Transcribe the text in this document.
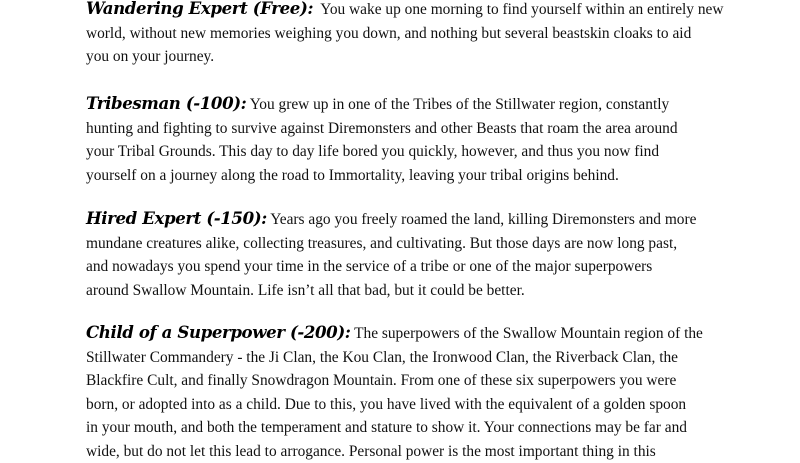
Wandering Expert (Free): You wake up one morning to find yourself within an entirely new
world, without new memories weighing you down, and nothing but several beastskin cloaks to aid
you on your journey.
Tribesman (-100): You grew up in one of the Tribes of the Stillwater region, constantly
hunting and fighting to survive against Diremonsters and other Beasts that roam the area around
your Tribal Grounds. This day to day life bored you quickly, however, and thus you now find
yourself on a journey along the road to Immortality, leaving your tribal origins behind.
Hired Expert (-150): Years ago you freely roamed the land, killing Diremonsters and more
mundane creatures alike, collecting treasures, and cultivating. But those days are now long past,
and nowadays you spend your time in the service of a tribe or one of the major superpowers
around Swallow Mountain. Life isn’t all that bad, but it could be better.
Child of a Superpower (-200): The superpowers of the Swallow Mountain region of the
Stillwater Commandery - the Ji Clan, the Kou Clan, the Ironwood Clan, the Riverback Clan, the
Blackfire Cult, and finally Snowdragon Mountain. From one of these six superpowers you were
born, or adopted into as a child. Due to this, you have lived with the equivalent of a golden spoon
in your mouth, and both the temperament and stature to show it. Your connections may be far and
wide, but do not let this lead to arrogance. Personal power is the most important thing in this
